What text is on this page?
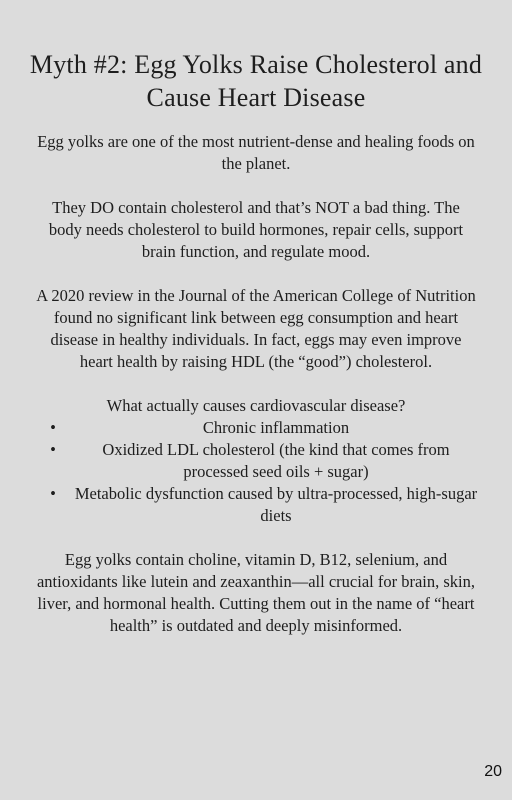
Myth #2: Egg Yolks Raise Cholesterol and Cause Heart Disease

Egg yolks are one of the most nutrient-dense and healing foods on the planet.

They DO contain cholesterol and that’s NOT a bad thing. The body needs cholesterol to build hormones, repair cells, support brain function, and regulate mood.

A 2020 review in the Journal of the American College of Nutrition found no significant link between egg consumption and heart disease in healthy individuals. In fact, eggs may even improve heart health by raising HDL (the “good”) cholesterol.

What actually causes cardiovascular disease?

•	Chronic inflammation
•	Oxidized LDL cholesterol (the kind that comes from processed seed oils + sugar)
• Metabolic dysfunction caused by ultra-processed, high-sugar diets

Egg yolks contain choline, vitamin D, B12, selenium, and antioxidants like lutein and zeaxanthin—all crucial for brain, skin, liver, and hormonal health. Cutting them out in the name of “heart health” is outdated and deeply misinformed.

20
